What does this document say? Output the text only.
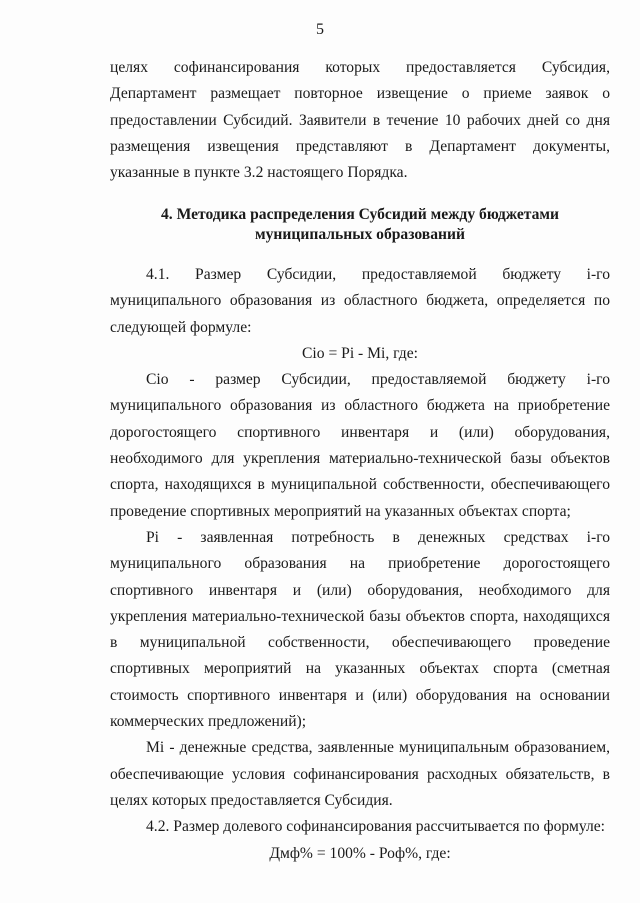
5

целях софинансирования которых предоставляется Субсидия, Департамент размещает повторное извещение о приеме заявок о предоставлении Субсидий. Заявители в течение 10 рабочих дней со дня размещения извещения представляют в Департамент документы, указанные в пункте 3.2 настоящего Порядка.

4. Методика распределения Субсидий между бюджетами
муниципальных образований

4.1. Размер Субсидии, предоставляемой бюджету i-го муниципального образования из областного бюджета, определяется по следующей формуле:

Сio = Pi - Mi, где:

Сio - размер Субсидии, предоставляемой бюджету i-го муниципального образования из областного бюджета на приобретение дорогостоящего спортивного инвентаря и (или) оборудования, необходимого для укрепления материально-технической базы объектов спорта, находящихся в муниципальной собственности, обеспечивающего проведение спортивных мероприятий на указанных объектах спорта;

Pi - заявленная потребность в денежных средствах i-го муниципального образования на приобретение дорогостоящего спортивного инвентаря и (или) оборудования, необходимого для укрепления материально-технической базы объектов спорта, находящихся в муниципальной собственности, обеспечивающего проведение спортивных мероприятий на указанных объектах спорта (сметная стоимость спортивного инвентаря и (или) оборудования на основании коммерческих предложений);

Mi - денежные средства, заявленные муниципальным образованием, обеспечивающие условия софинансирования расходных обязательств, в целях которых предоставляется Субсидия.

4.2. Размер долевого софинансирования рассчитывается по формуле:

Дмф% = 100% - Роф%, где:
